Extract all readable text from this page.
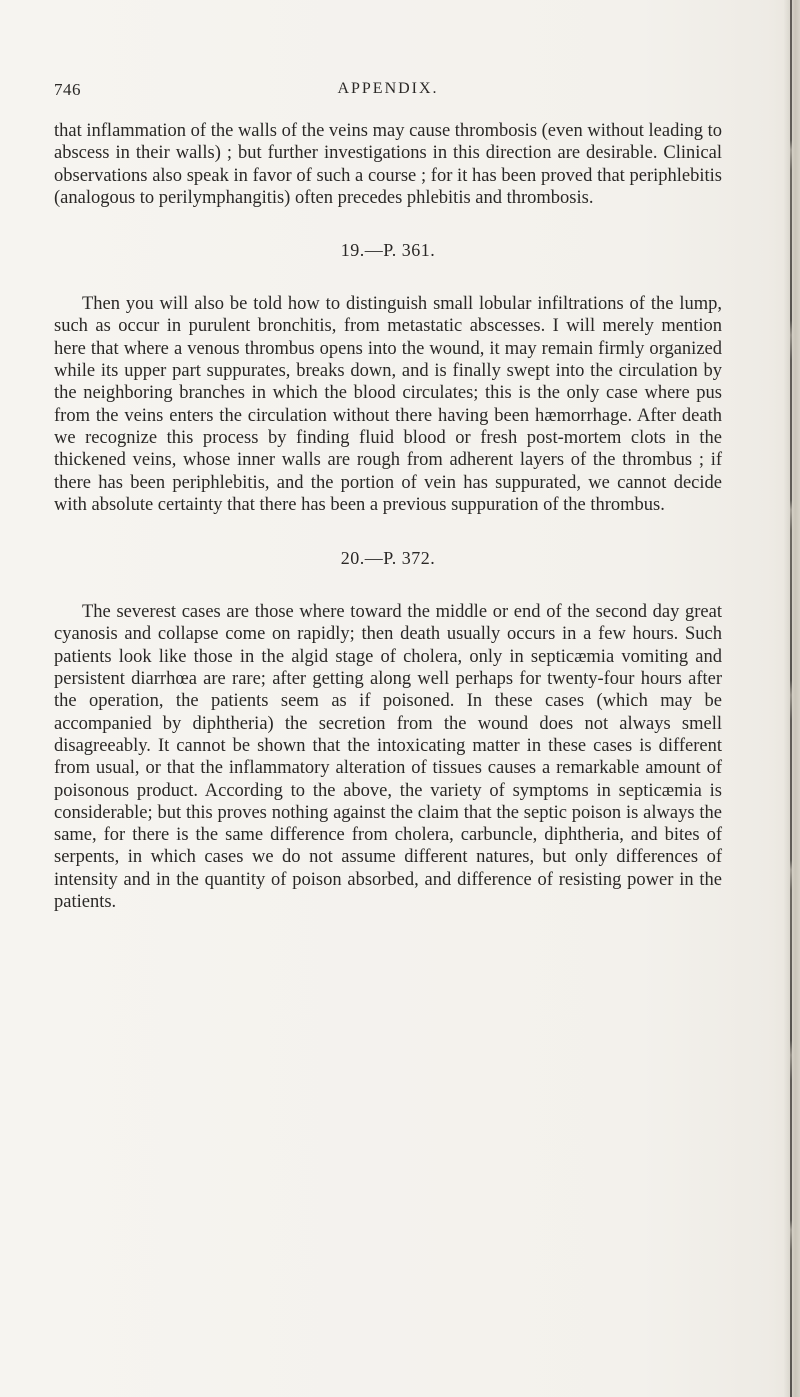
746	APPENDIX.

that inflammation of the walls of the veins may cause thrombosis (even without leading to abscess in their walls) ; but further investigations in this direction are desirable. Clinical observations also speak in favor of such a course ; for it has been proved that periphlebitis (analogous to perilymphangitis) often precedes phlebitis and thrombosis.

19.—P. 361.

Then you will also be told how to distinguish small lobular infiltrations of the lump, such as occur in purulent bronchitis, from metastatic abscesses. I will merely mention here that where a venous thrombus opens into the wound, it may remain firmly organized while its upper part suppurates, breaks down, and is finally swept into the circulation by the neighboring branches in which the blood circulates; this is the only case where pus from the veins enters the circulation without there having been hæmorrhage. After death we recognize this process by finding fluid blood or fresh post-mortem clots in the thickened veins, whose inner walls are rough from adherent layers of the thrombus ; if there has been periphlebitis, and the portion of vein has suppurated, we cannot decide with absolute certainty that there has been a previous suppuration of the thrombus.

20.—P. 372.

The severest cases are those where toward the middle or end of the second day great cyanosis and collapse come on rapidly; then death usually occurs in a few hours. Such patients look like those in the algid stage of cholera, only in septicæmia vomiting and persistent diarrhœa are rare; after getting along well perhaps for twenty-four hours after the operation, the patients seem as if poisoned. In these cases (which may be accompanied by diphtheria) the secretion from the wound does not always smell disagreeably. It cannot be shown that the intoxicating matter in these cases is different from usual, or that the inflammatory alteration of tissues causes a remarkable amount of poisonous product. According to the above, the variety of symptoms in septicæmia is considerable; but this proves nothing against the claim that the septic poison is always the same, for there is the same difference from cholera, carbuncle, diphtheria, and bites of serpents, in which cases we do not assume different natures, but only differences of intensity and in the quantity of poison absorbed, and difference of resisting power in the patients.
